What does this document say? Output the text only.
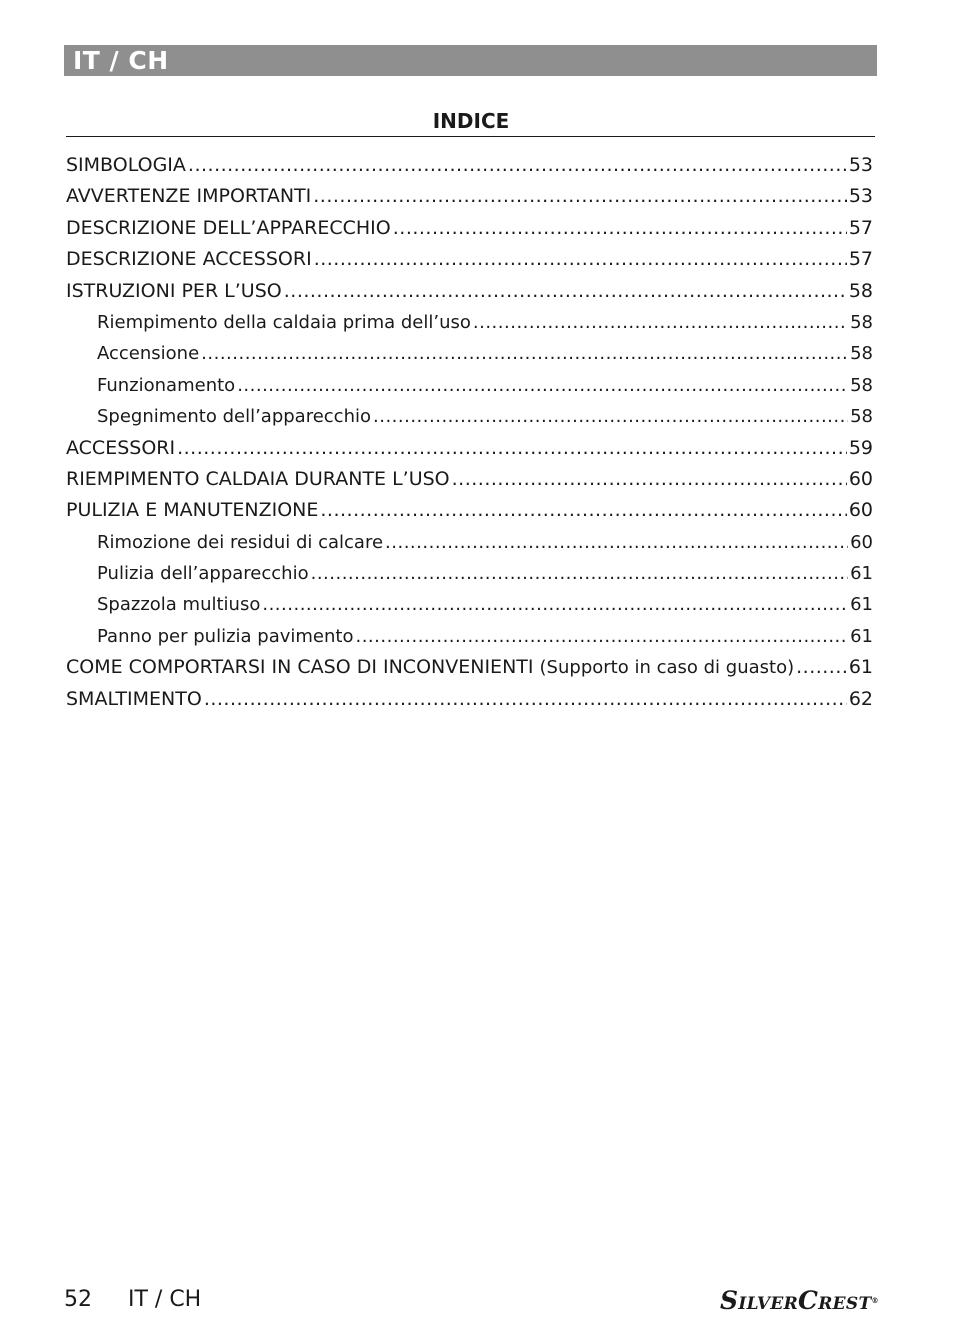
IT / CH
INDICE
SIMBOLOGIA .....	53
AVVERTENZE IMPORTANTI .....	53
DESCRIZIONE DELL’APPARECCHIO .....	57
DESCRIZIONE ACCESSORI .....	57
ISTRUZIONI PER L’USO .....	58
Riempimento della caldaia prima dell’uso .....	58
Accensione .....	58
Funzionamento .....	58
Spegnimento dell’apparecchio .....	58
ACCESSORI .....	59
RIEMPIMENTO CALDAIA DURANTE L’USO .....	60
PULIZIA E MANUTENZIONE .....	60
Rimozione dei residui di calcare .....	60
Pulizia dell’apparecchio .....	61
Spazzola multiuso .....	61
Panno per pulizia pavimento .....	61
COME COMPORTARSI IN CASO DI INCONVENIENTI (Supporto in caso di guasto) .....	61
SMALTIMENTO .....	62
52 IT / CH	SILVERCREST®
